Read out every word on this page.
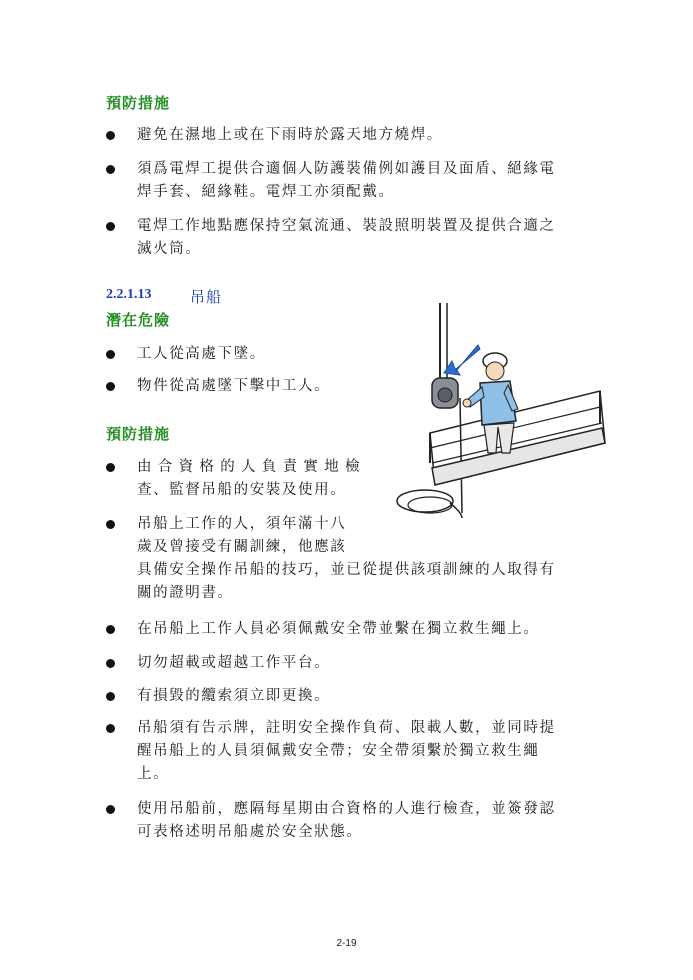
預防措施
避免在濕地上或在下雨時於露天地方燒焊。
須爲電焊工提供合適個人防護裝備例如護目及面盾、絕緣電
焊手套、絕緣鞋。電焊工亦須配戴。
電焊工作地點應保持空氣流通、裝設照明裝置及提供合適之
滅火筒。
2.2.1.13	吊船
潛在危險
工人從高處下墜。
物件從高處墜下擊中工人。
預防措施
由合資格的人負責實地檢
查、監督吊船的安裝及使用。
吊船上工作的人，須年滿十八
歲及曾接受有關訓練，他應該
具備安全操作吊船的技巧，並已從提供該項訓練的人取得有
關的證明書。
在吊船上工作人員必須佩戴安全帶並繫在獨立救生繩上。
切勿超載或超越工作平台。
有損毀的纜索須立即更換。
吊船須有告示牌，註明安全操作負荷、限載人數，並同時提
醒吊船上的人員須佩戴安全帶；安全帶須繫於獨立救生繩
上。
使用吊船前，應隔每星期由合資格的人進行檢查，並簽發認
可表格述明吊船處於安全狀態。
2-19
